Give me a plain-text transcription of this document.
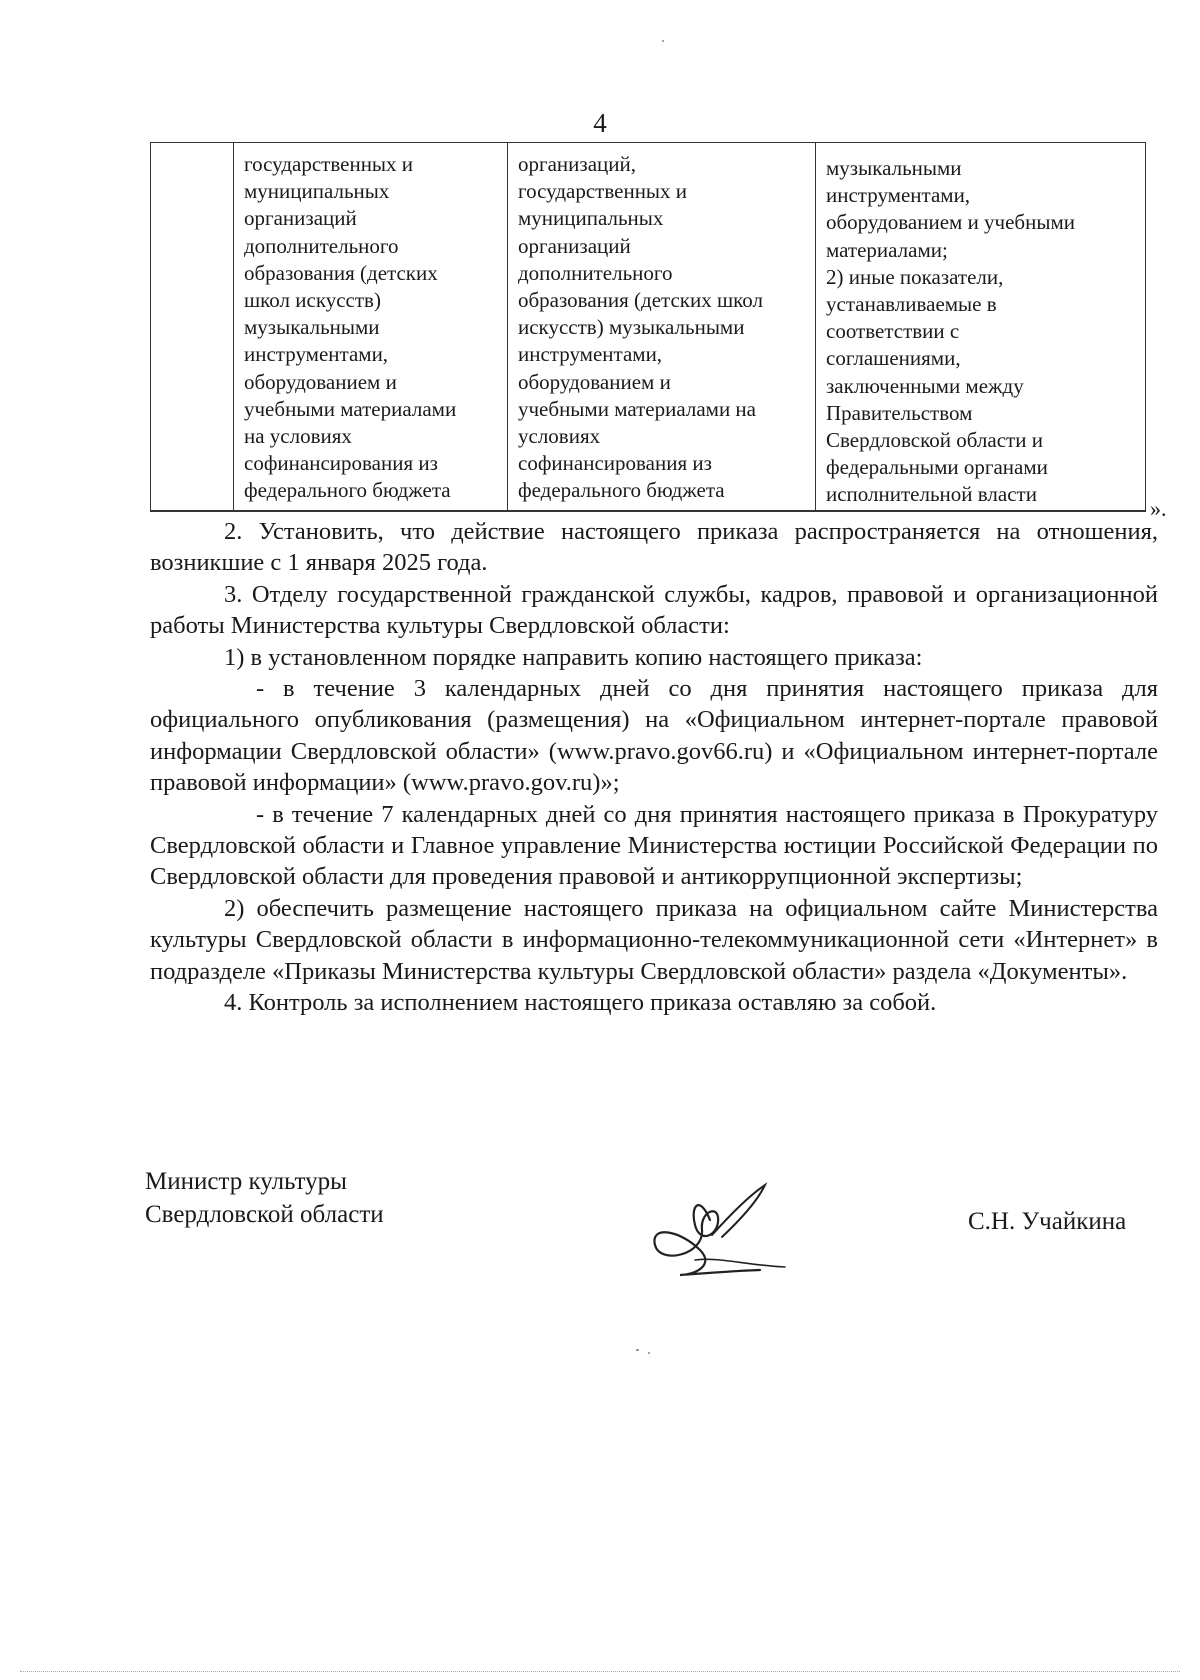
4
государственных и
муниципальных
организаций
дополнительного
образования (детских
школ искусств)
музыкальными
инструментами,
оборудованием и
учебными материалами
на условиях
софинансирования из
федерального бюджета
организаций,
государственных и
муниципальных
организаций
дополнительного
образования (детских школ
искусств) музыкальными
инструментами,
оборудованием и
учебными материалами на
условиях
софинансирования из
федерального бюджета
музыкальными
инструментами,
оборудованием и учебными
материалами;
2) иные показатели,
устанавливаемые в
соответствии с
соглашениями,
заключенными между
Правительством
Свердловской области и
федеральными органами
исполнительной власти
».

2. Установить, что действие настоящего приказа распространяется на отношения, возникшие с 1 января 2025 года.

3. Отделу государственной гражданской службы, кадров, правовой и организационной работы Министерства культуры Свердловской области:

1) в установленном порядке направить копию настоящего приказа:

- в течение 3 календарных дней со дня принятия настоящего приказа для официального опубликования (размещения) на «Официальном интернет-портале правовой информации Свердловской области» (www.pravo.gov66.ru) и «Официальном интернет-портале правовой информации» (www.pravo.gov.ru)»;

- в течение 7 календарных дней со дня принятия настоящего приказа в Прокуратуру Свердловской области и Главное управление Министерства юстиции Российской Федерации по Свердловской области для проведения правовой и антикоррупционной экспертизы;

2) обеспечить размещение настоящего приказа на официальном сайте Министерства культуры Свердловской области в информационно-телекоммуникационной сети «Интернет» в подразделе «Приказы Министерства культуры Свердловской области» раздела «Документы».

4. Контроль за исполнением настоящего приказа оставляю за собой.

Министр культуры
Свердловской области	С.Н. Учайкина
